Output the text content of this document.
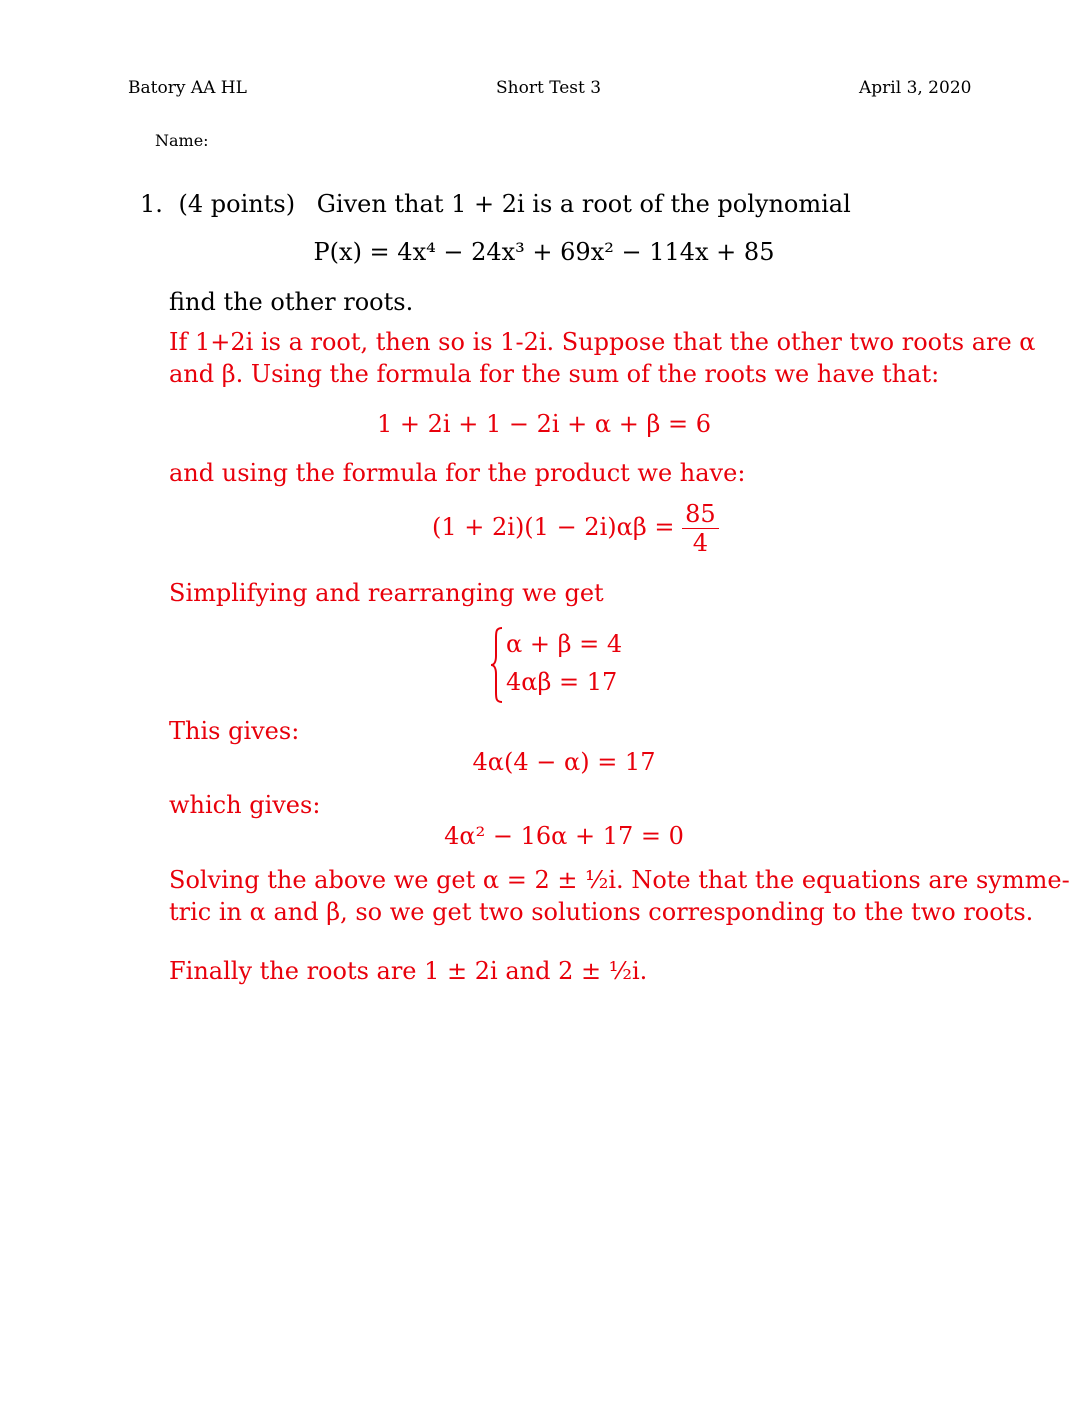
Batory AA HL	Short Test 3	April 3, 2020
Name:
1. (4 points) Given that 1 + 2i is a root of the polynomial
P(x) = 4x⁴ − 24x³ + 69x² − 114x + 85
find the other roots.
If 1+2i is a root, then so is 1-2i. Suppose that the other two roots are α
and β. Using the formula for the sum of the roots we have that:
1 + 2i + 1 − 2i + α + β = 6
and using the formula for the product we have:
$(1 + 2i)(1 - 2i)\alpha\beta = \frac{85}{4}$
Simplifying and rearranging we get
α + β = 4
4αβ = 17
This gives:
4α(4 − α) = 17
which gives:
4α² − 16α + 17 = 0
Solving the above we get α = 2 ± ½i. Note that the equations are symme-
tric in α and β, so we get two solutions corresponding to the two roots.
Finally the roots are 1 ± 2i and 2 ± ½i.
